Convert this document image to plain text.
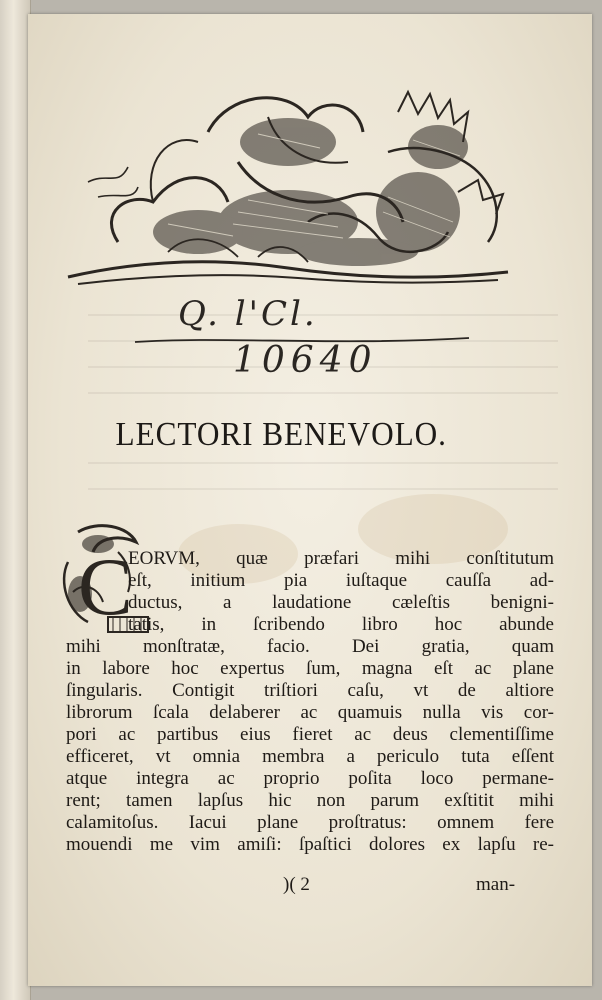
Q. l'Cl.
10640
LECTORI BENEVOLO.
C
EORVM, quæ præfari mihi conſtitutum
eſt, initium pia iuſtaque cauſſa ad-
ductus, a laudatione cæleſtis benigni-
tatis, in ſcribendo libro hoc abunde
mihi monſtratæ, facio. Dei gratia, quam
in labore hoc expertus ſum, magna eſt ac plane
ſingularis. Contigit triſtiori caſu, vt de altiore
librorum ſcala delaberer ac quamuis nulla vis cor-
pori ac partibus eius fieret ac deus clementiſſime
efficeret, vt omnia membra a periculo tuta eſſent
atque integra ac proprio poſita loco permane-
rent; tamen lapſus hic non parum exſtitit mihi
calamitoſus. Iacui plane proſtratus: omnem fere
mouendi me vim amiſi: ſpaſtici dolores ex lapſu re-
)( 2	man-
